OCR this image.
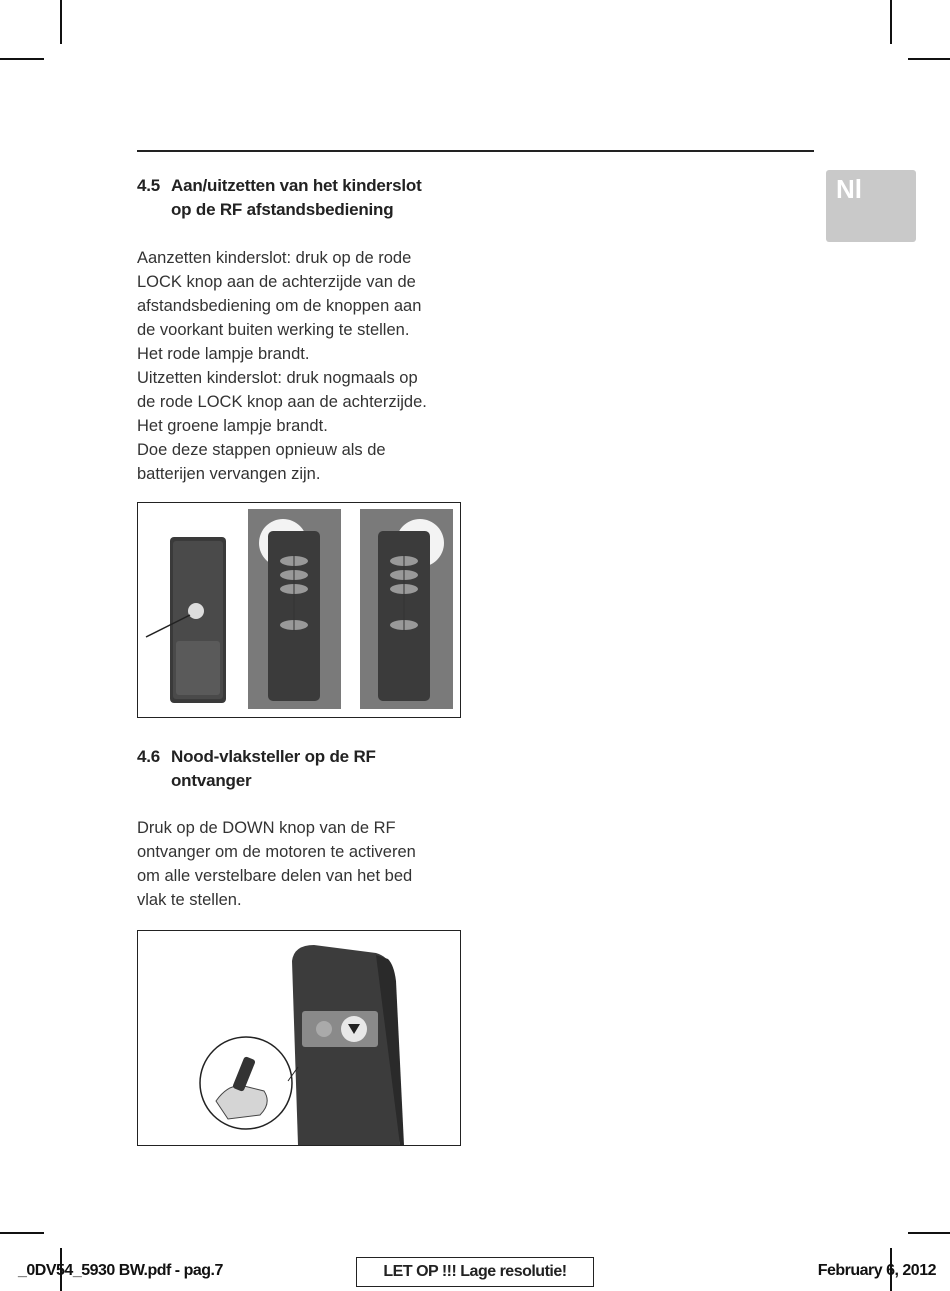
Nl

4.5 Aan/uitzetten van het kinderslot
op de RF afstandsbediening

Aanzetten kinderslot: druk op de rode

LOCK knop aan de achterzijde van de

afstandsbediening om de knoppen aan

de voorkant buiten werking te stellen.

Het rode lampje brandt.

Uitzetten kinderslot: druk nogmaals op

de rode LOCK knop aan de achterzijde.

Het groene lampje brandt.

Doe deze stappen opnieuw als de

batterijen vervangen zijn.

4.6 Nood-vlaksteller op de RF
ontvanger

Druk op de DOWN knop van de RF

ontvanger om de motoren te activeren

om alle verstelbare delen van het bed

vlak te stellen.

_0DV54_5930 BW.pdf - pag.7	LET OP !!! Lage resolutie!	February 6, 2012
